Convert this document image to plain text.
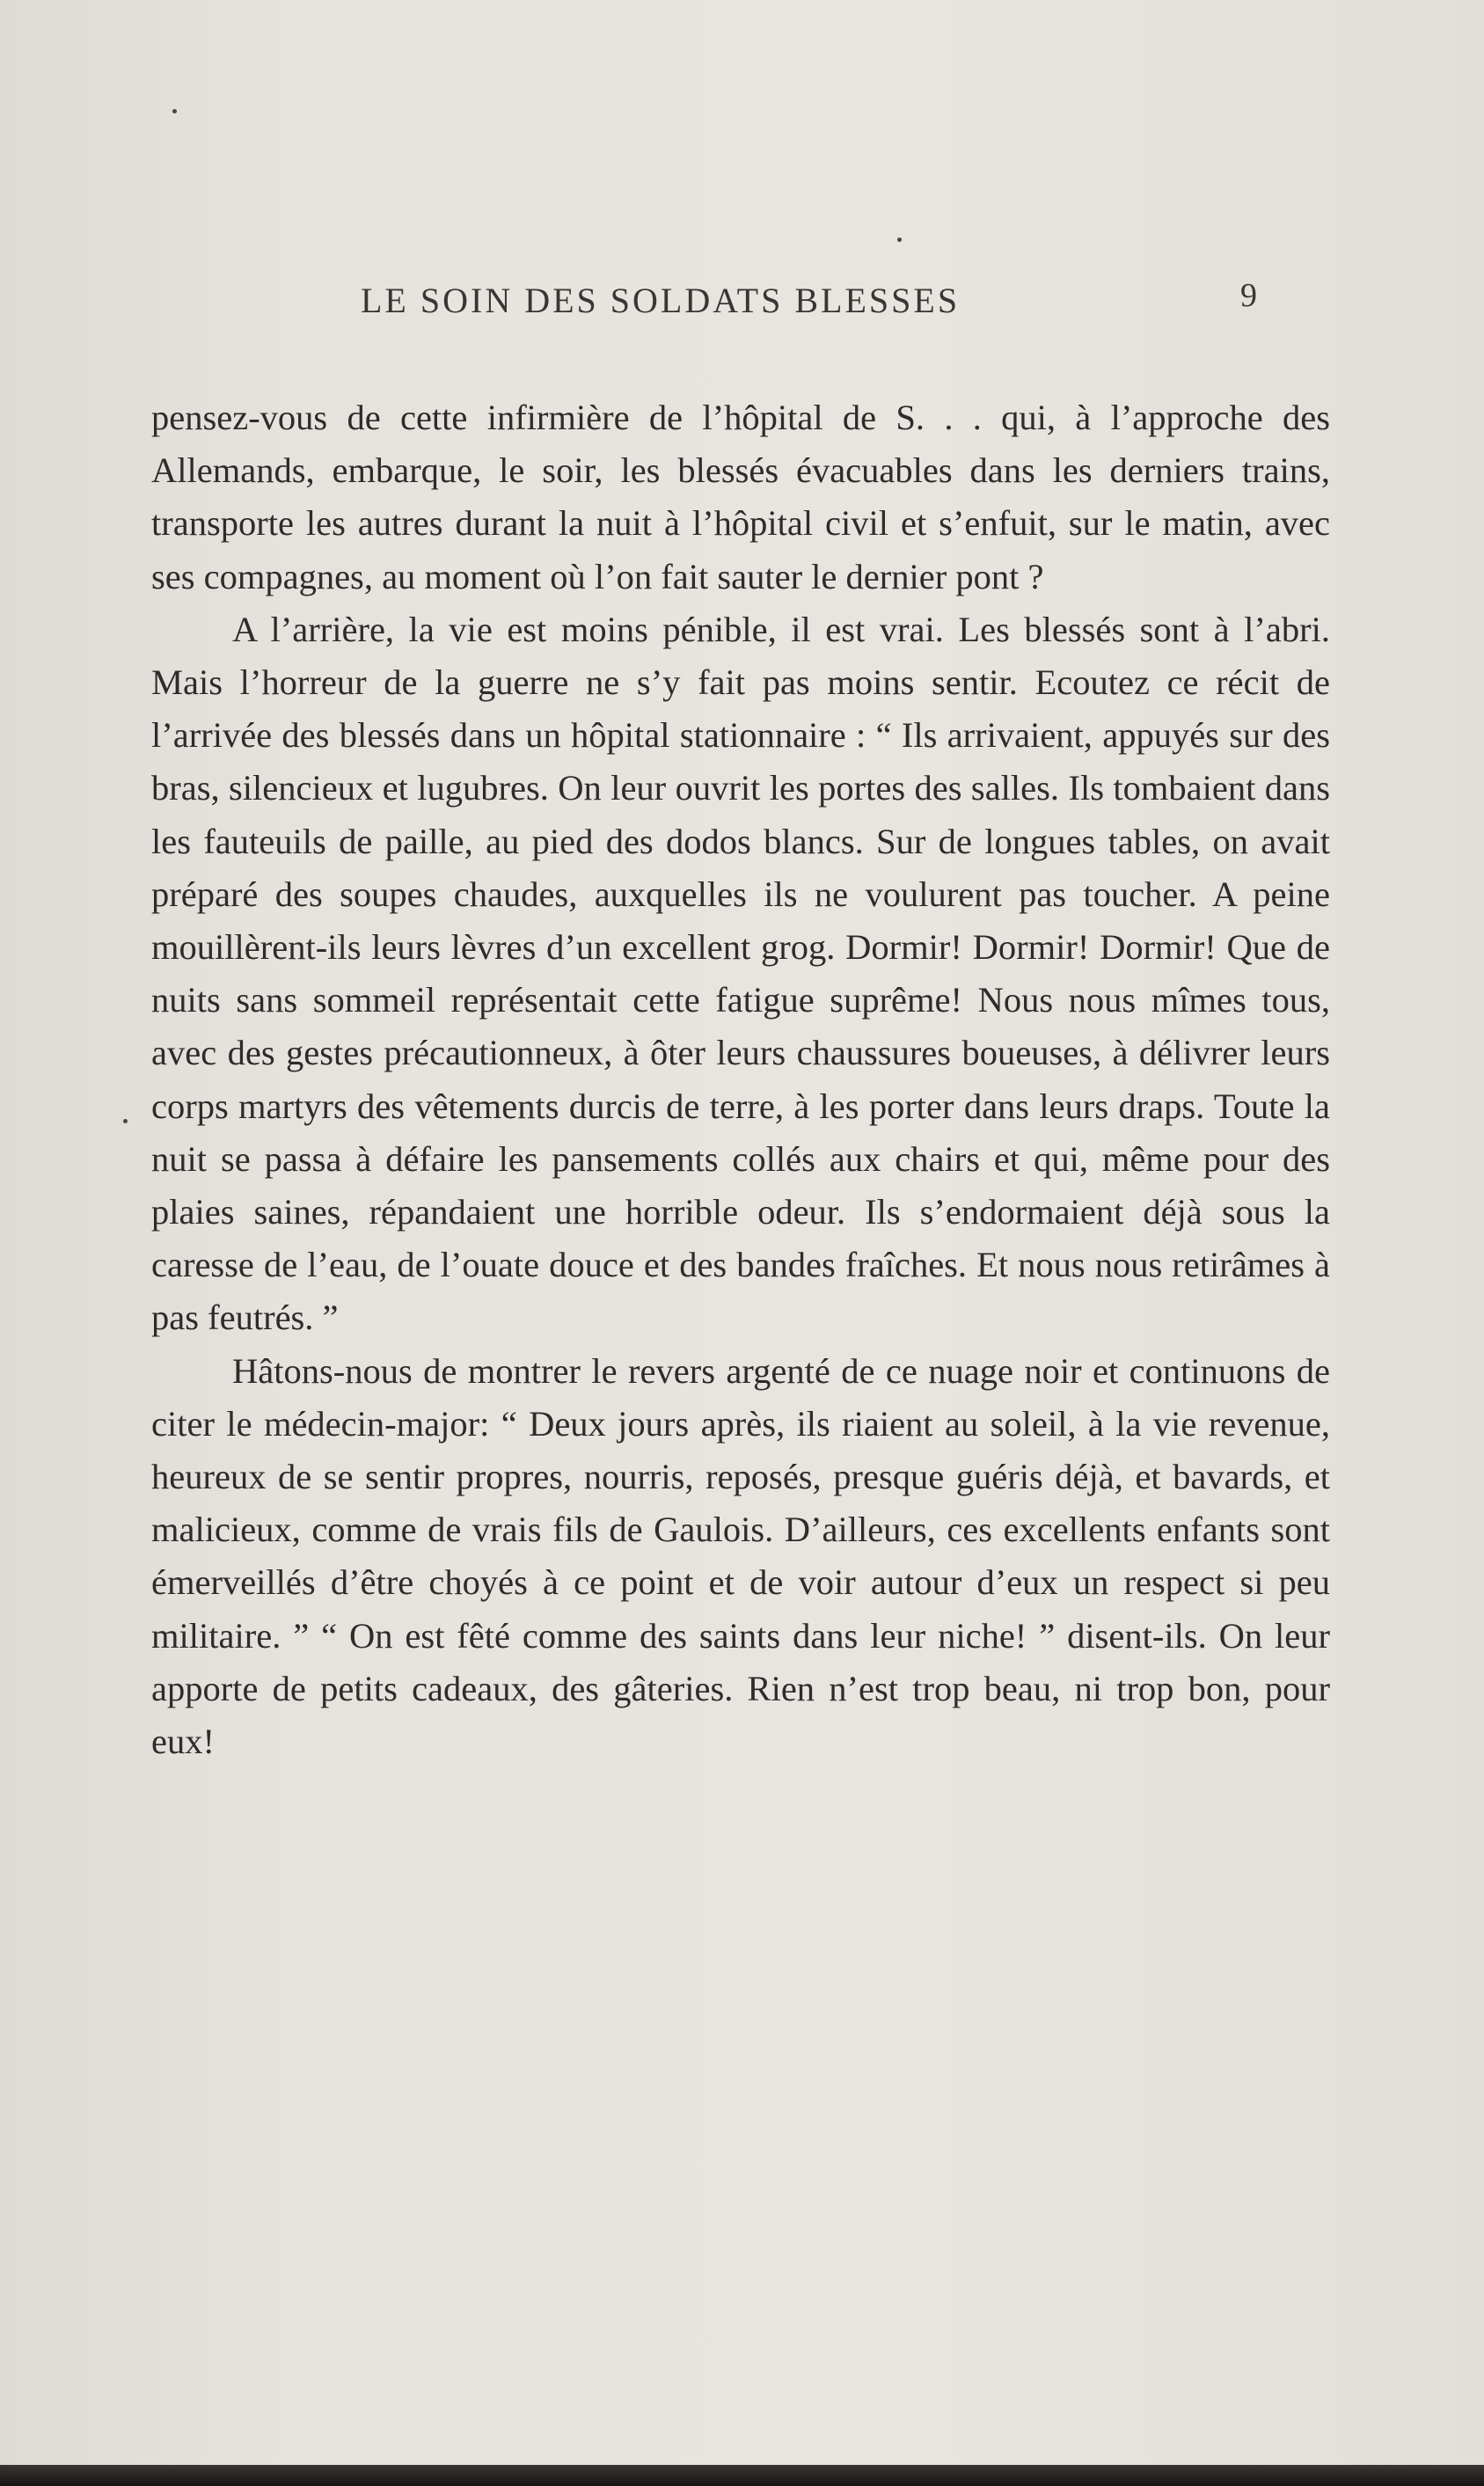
LE SOIN DES SOLDATS BLESSES	9

pensez-vous de cette infirmière de l’hôpital de S. . . qui, à l’approche des Allemands, embarque, le soir, les blessés évacuables dans les derniers trains, transporte les autres durant la nuit à l’hôpital civil et s’enfuit, sur le matin, avec ses compagnes, au moment où l’on fait sauter le dernier pont ?

A l’arrière, la vie est moins pénible, il est vrai. Les blessés sont à l’abri. Mais l’horreur de la guerre ne s’y fait pas moins sentir. Ecoutez ce récit de l’arrivée des blessés dans un hôpital stationnaire : “ Ils arrivaient, appuyés sur des bras, silencieux et lugubres. On leur ouvrit les portes des salles. Ils tombaient dans les fauteuils de paille, au pied des dodos blancs. Sur de longues tables, on avait préparé des soupes chaudes, auxquelles ils ne voulurent pas toucher. A peine mouillèrent-ils leurs lèvres d’un excellent grog. Dormir! Dormir! Dormir! Que de nuits sans sommeil représentait cette fatigue suprême! Nous nous mîmes tous, avec des gestes précautionneux, à ôter leurs chaussures boueuses, à délivrer leurs corps martyrs des vêtements durcis de terre, à les porter dans leurs draps. Toute la nuit se passa à défaire les pansements collés aux chairs et qui, même pour des plaies saines, répandaient une horrible odeur. Ils s’endormaient déjà sous la caresse de l’eau, de l’ouate douce et des bandes fraîches. Et nous nous retirâmes à pas feutrés. ”

Hâtons-nous de montrer le revers argenté de ce nuage noir et continuons de citer le médecin-major: “ Deux jours après, ils riaient au soleil, à la vie revenue, heureux de se sentir propres, nourris, reposés, presque guéris déjà, et bavards, et malicieux, comme de vrais fils de Gaulois. D’ailleurs, ces excellents enfants sont émerveillés d’être choyés à ce point et de voir autour d’eux un respect si peu militaire. ” “ On est fêté comme des saints dans leur niche! ” disent-ils. On leur apporte de petits cadeaux, des gâteries. Rien n’est trop beau, ni trop bon, pour eux!
